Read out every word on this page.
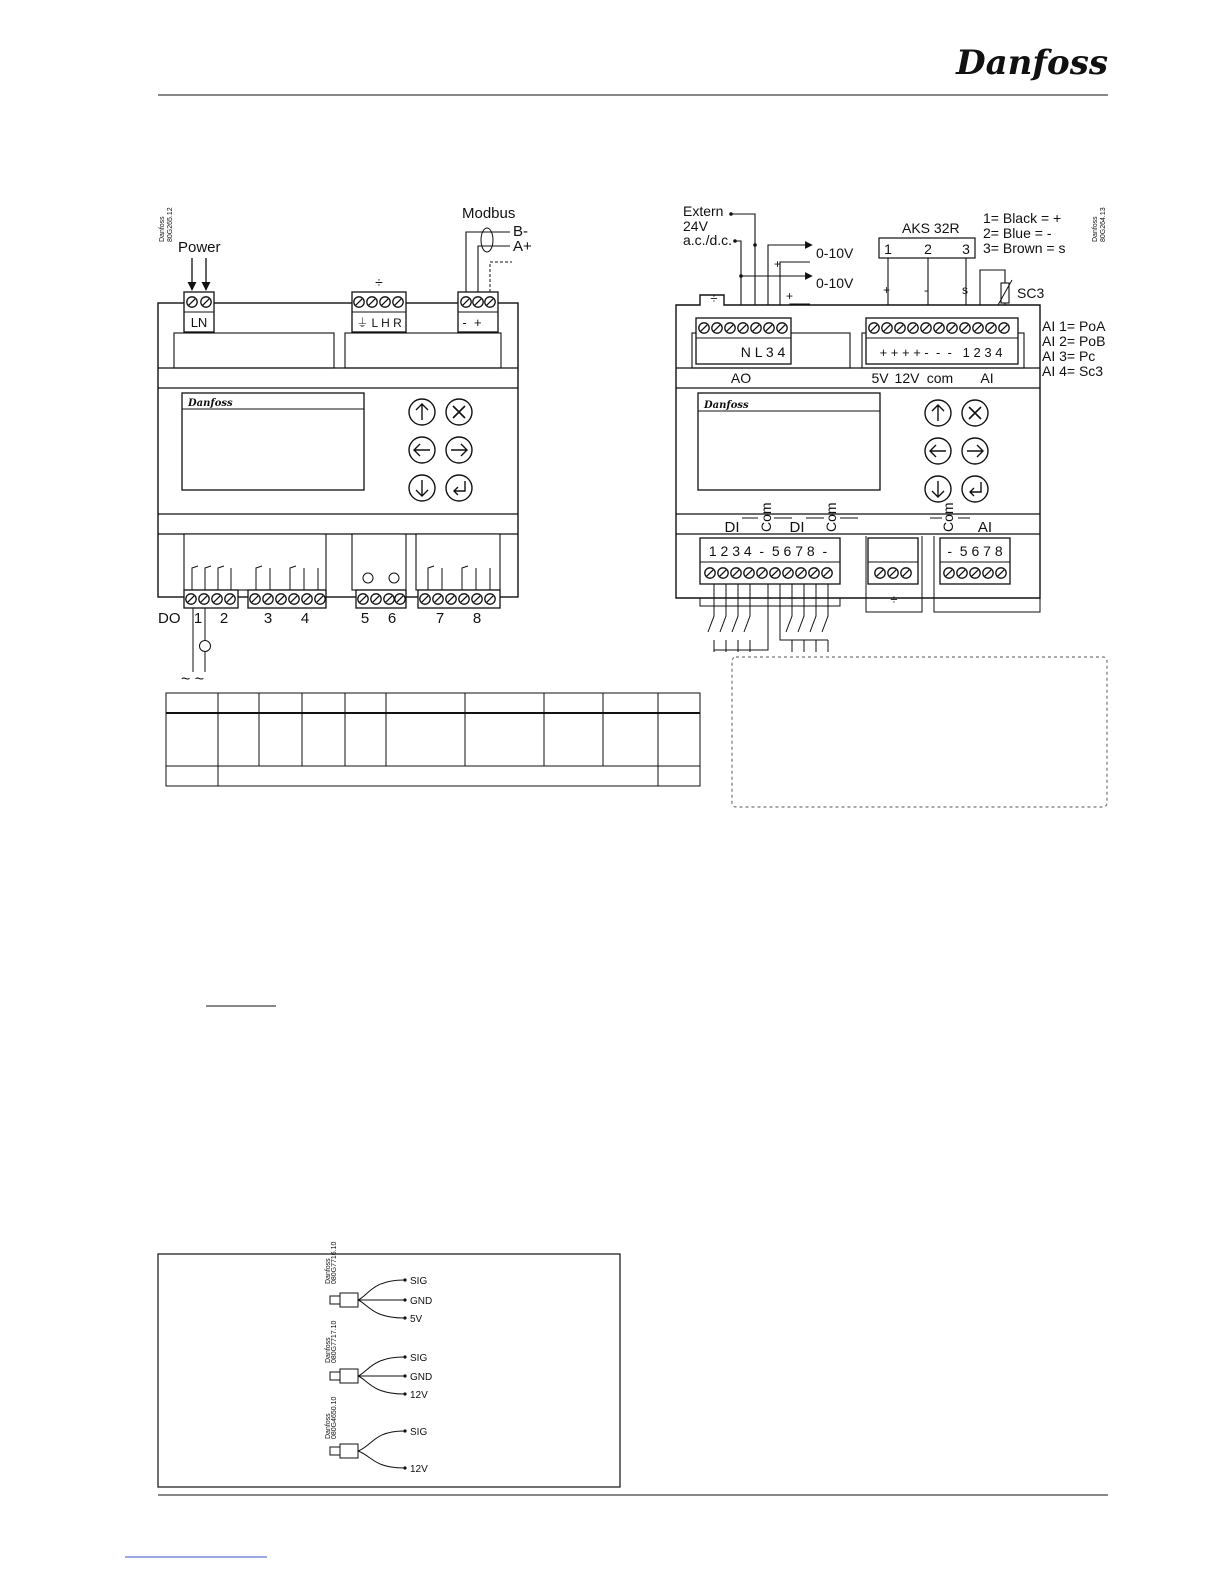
Danfoss
Danfoss 80G265.12
Power
Modbus
B-
A+
÷
LN	⏚ L H R	-  +
Danfoss
DO 1 2 3 4	5 6	7 8
~ ~
Danfoss 80G264.13
Extern
24V
a.c./d.c.
0-10V
0-10V
+
+
AKS 32R
1 2 3
1= Black = +
2= Blue = -
3= Brown = s
+	-	s	SC3
÷
N L 3 4
AO
+ + + + -  -  -   1 2 3 4
5V 12V com AI
AI 1= PoA
AI 2= PoB
AI 3= Pc
AI 4= Sc3
Danfoss
DI	DI	AI
Com	Com	Com
1 2 3 4  -  5 6 7 8  -
÷
-  5 6 7 8
Danfoss 080G7716.10	SIG
GND
5V
Danfoss 080G7717.10	SIG
GND
12V
Danfoss 080G4650.10	SIG
12V
